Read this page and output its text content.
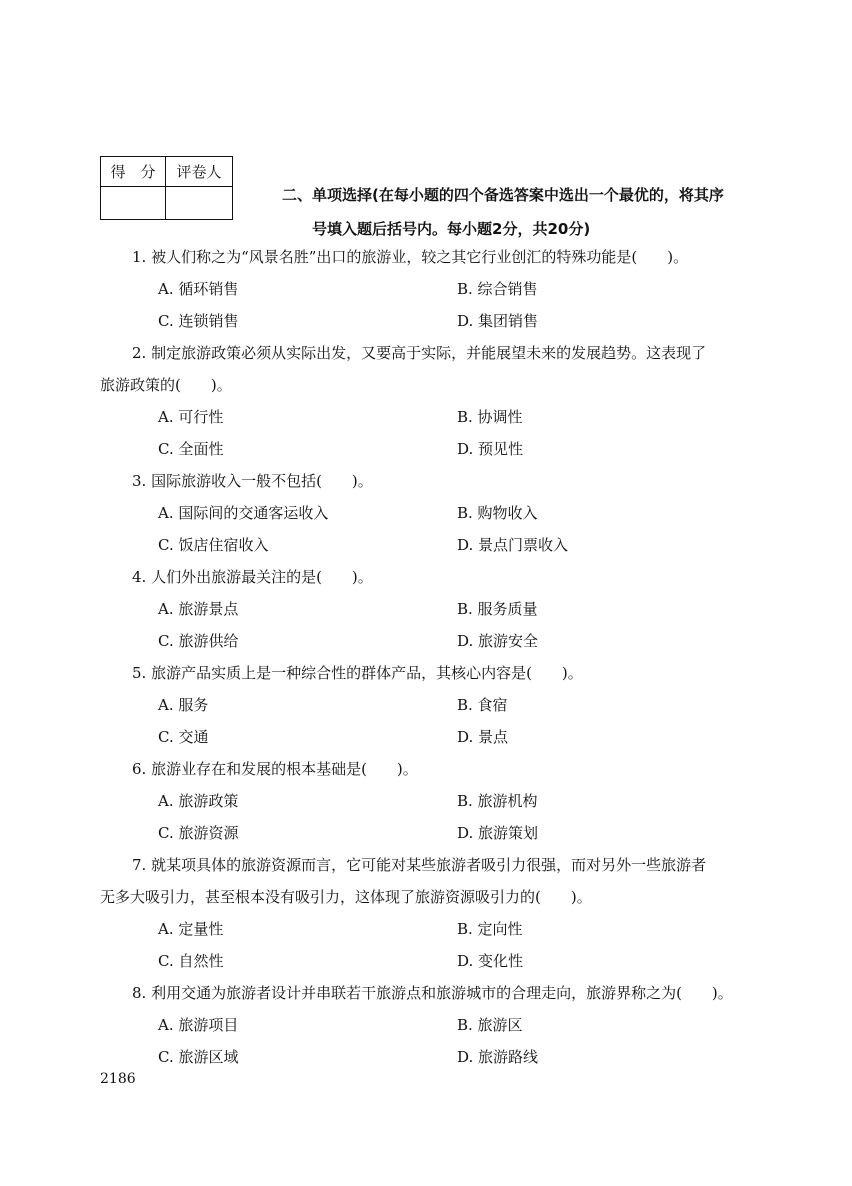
得　分	评卷人

二、单项选择(在每小题的四个备选答案中选出一个最优的，将其序
号填入题后括号内。每小题2分，共20分)
1. 被人们称之为“风景名胜”出口的旅游业，较之其它行业创汇的特殊功能是(　　)。
A. 循环销售	B. 综合销售
C. 连锁销售	D. 集团销售
2. 制定旅游政策必须从实际出发，又要高于实际，并能展望未来的发展趋势。这表现了
旅游政策的(　　)。
A. 可行性	B. 协调性
C. 全面性	D. 预见性
3. 国际旅游收入一般不包括(　　)。
A. 国际间的交通客运收入	B. 购物收入
C. 饭店住宿收入	D. 景点门票收入
4. 人们外出旅游最关注的是(　　)。
A. 旅游景点	B. 服务质量
C. 旅游供给	D. 旅游安全
5. 旅游产品实质上是一种综合性的群体产品，其核心内容是(　　)。
A. 服务	B. 食宿
C. 交通	D. 景点
6. 旅游业存在和发展的根本基础是(　　)。
A. 旅游政策	B. 旅游机构
C. 旅游资源	D. 旅游策划
7. 就某项具体的旅游资源而言，它可能对某些旅游者吸引力很强，而对另外一些旅游者
无多大吸引力，甚至根本没有吸引力，这体现了旅游资源吸引力的(　　)。
A. 定量性	B. 定向性
C. 自然性	D. 变化性
8. 利用交通为旅游者设计并串联若干旅游点和旅游城市的合理走向，旅游界称之为(　　)。
A. 旅游项目	B. 旅游区
C. 旅游区域	D. 旅游路线
2186
